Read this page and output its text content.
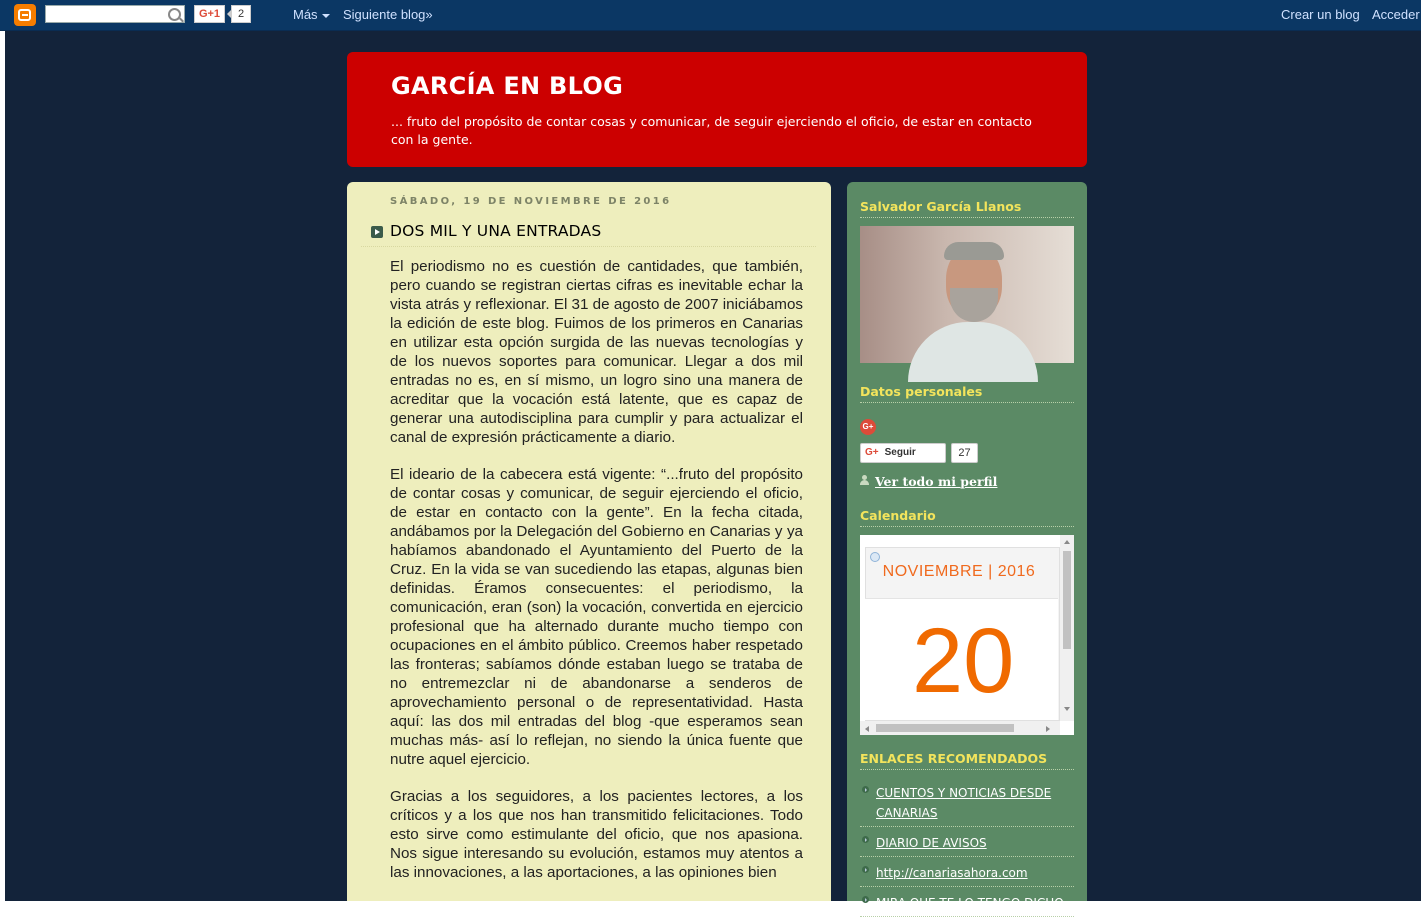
G+1	2	Más	Siguiente blog»	Crear un blog Acceder
GARCÍA EN BLOG
... fruto del propósito de contar cosas y comunicar, de seguir ejerciendo el oficio, de estar en contacto con la gente.
SÁBADO, 19 DE NOVIEMBRE DE 2016
DOS MIL Y UNA ENTRADAS

El periodismo no es cuestión de cantidades, que también, pero cuando se registran ciertas cifras es inevitable echar la vista atrás y reflexionar. El 31 de agosto de 2007 iniciábamos la edición de este blog. Fuimos de los primeros en Canarias en utilizar esta opción surgida de las nuevas tecnologías y de los nuevos soportes para comunicar. Llegar a dos mil entradas no es, en sí mismo, un logro sino una manera de acreditar que la vocación está latente, que es capaz de generar una autodisciplina para cumplir y para actualizar el canal de expresión prácticamente a diario.

El ideario de la cabecera está vigente: “...fruto del propósito de contar cosas y comunicar, de seguir ejerciendo el oficio, de estar en contacto con la gente”. En la fecha citada, andábamos por la Delegación del Gobierno en Canarias y ya habíamos abandonado el Ayuntamiento del Puerto de la Cruz. En la vida se van sucediendo las etapas, algunas bien definidas. Éramos consecuentes: el periodismo, la comunicación, eran (son) la vocación, convertida en ejercicio profesional que ha alternado durante mucho tiempo con ocupaciones en el ámbito público. Creemos haber respetado las fronteras; sabíamos dónde estaban luego se trataba de no entremezclar ni de abandonarse a senderos de aprovechamiento personal o de representatividad. Hasta aquí: las dos mil entradas del blog -que esperamos sean muchas más- así lo reflejan, no siendo la única fuente que nutre aquel ejercicio.

Gracias a los seguidores, a los pacientes lectores, a los críticos y a los que nos han transmitido felicitaciones. Todo esto sirve como estimulante del oficio, que nos apasiona. Nos sigue interesando su evolución, estamos muy atentos a las innovaciones, a las aportaciones, a las opiniones bien

Salvador García Llanos
Datos personales
G+
G+ Seguir	27
Ver todo mi perfil
Calendario
NOVIEMBRE | 2016
20
ENLACES RECOMENDADOS
CUENTOS Y NOTICIAS DESDE CANARIAS
DIARIO DE AVISOS
http://canariasahora.com
MIRA QUE TE LO TENGO DICHO
